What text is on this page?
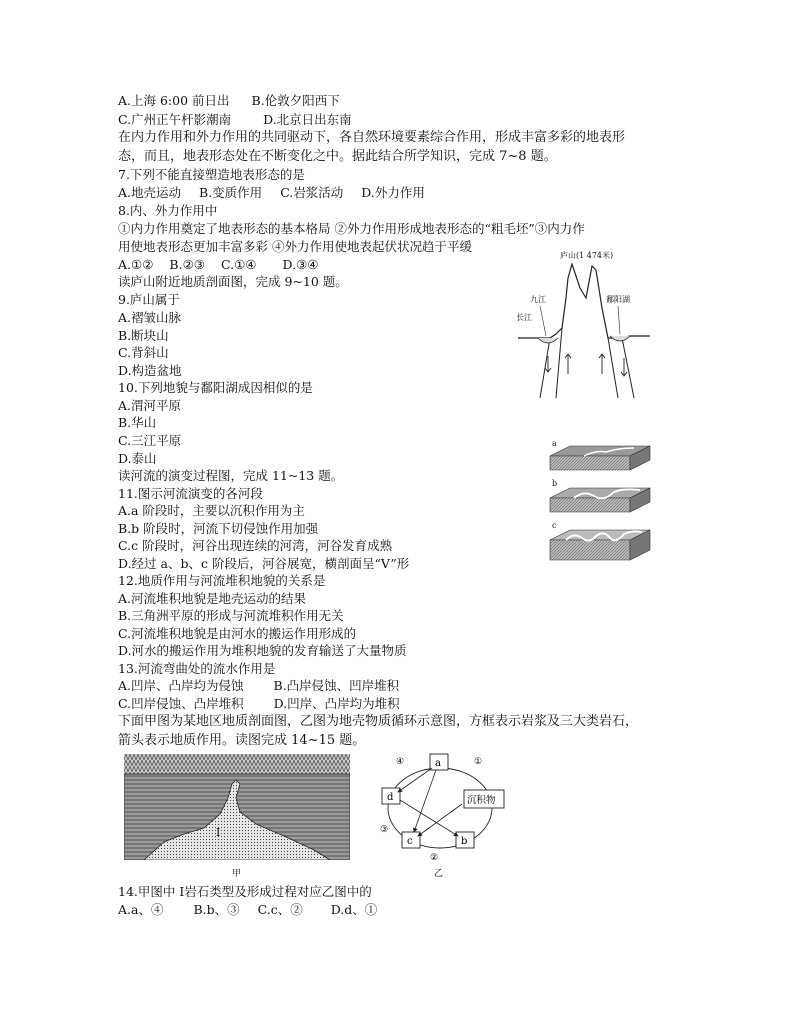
A.上海 6:00 前日出 B.伦敦夕阳西下
C.广州正午杆影潮南	D.北京日出东南
在内力作用和外力作用的共同驱动下，各自然环境要素综合作用，形成丰富多彩的地表形
态，而且，地表形态处在不断变化之中。据此结合所学知识，完成 7~8 题。
7.下列不能直接塑造地表形态的是
A.地壳运动 B.变质作用 C.岩浆活动 D.外力作用
8.内、外力作用中
①内力作用奠定了地表形态的基本格局 ②外力作用形成地表形态的“粗毛坯”③内力作
用使地表形态更加丰富多彩 ④外力作用使地表起伏状况趋于平缓
A.①② B.②③ C.①④ D.③④
读庐山附近地质剖面图，完成 9~10 题。
9.庐山属于
A.褶皱山脉
B.断块山
C.背斜山
D.构造盆地
10.下列地貌与鄱阳湖成因相似的是
A.渭河平原
B.华山
C.三江平原
D.泰山
读河流的演变过程图，完成 11~13 题。
11.图示河流演变的各河段
A.a 阶段时，主要以沉积作用为主
B.b 阶段时，河流下切侵蚀作用加强
C.c 阶段时，河谷出现连续的河湾，河谷发育成熟
D.经过 a、b、c 阶段后，河谷展宽，横剖面呈“V”形
12.地质作用与河流堆积地貌的关系是
A.河流堆积地貌是地壳运动的结果
B.三角洲平原的形成与河流堆积作用无关
C.河流堆积地貌是由河水的搬运作用形成的
D.河水的搬运作用为堆积地貌的发育输送了大量物质
13.河流弯曲处的流水作用是
A.凹岸、凸岸均为侵蚀 B.凸岸侵蚀、凹岸堆积
C.凹岸侵蚀、凸岸堆积 D.凹岸、凸岸均为堆积
下面甲图为某地区地质剖面图，乙图为地壳物质循环示意图，方框表示岩浆及三大类岩石，
箭头表示地质作用。读图完成 14~15 题。
14.甲图中 I岩石类型及形成过程对应乙图中的
A.a、④ B.b、③ C.c、② D.d、①
庐山(1 474米)
九江
长江
鄱阳湖
a
b
c
I
甲
a
d	沉积物
c	b
④	①
③
②
乙
